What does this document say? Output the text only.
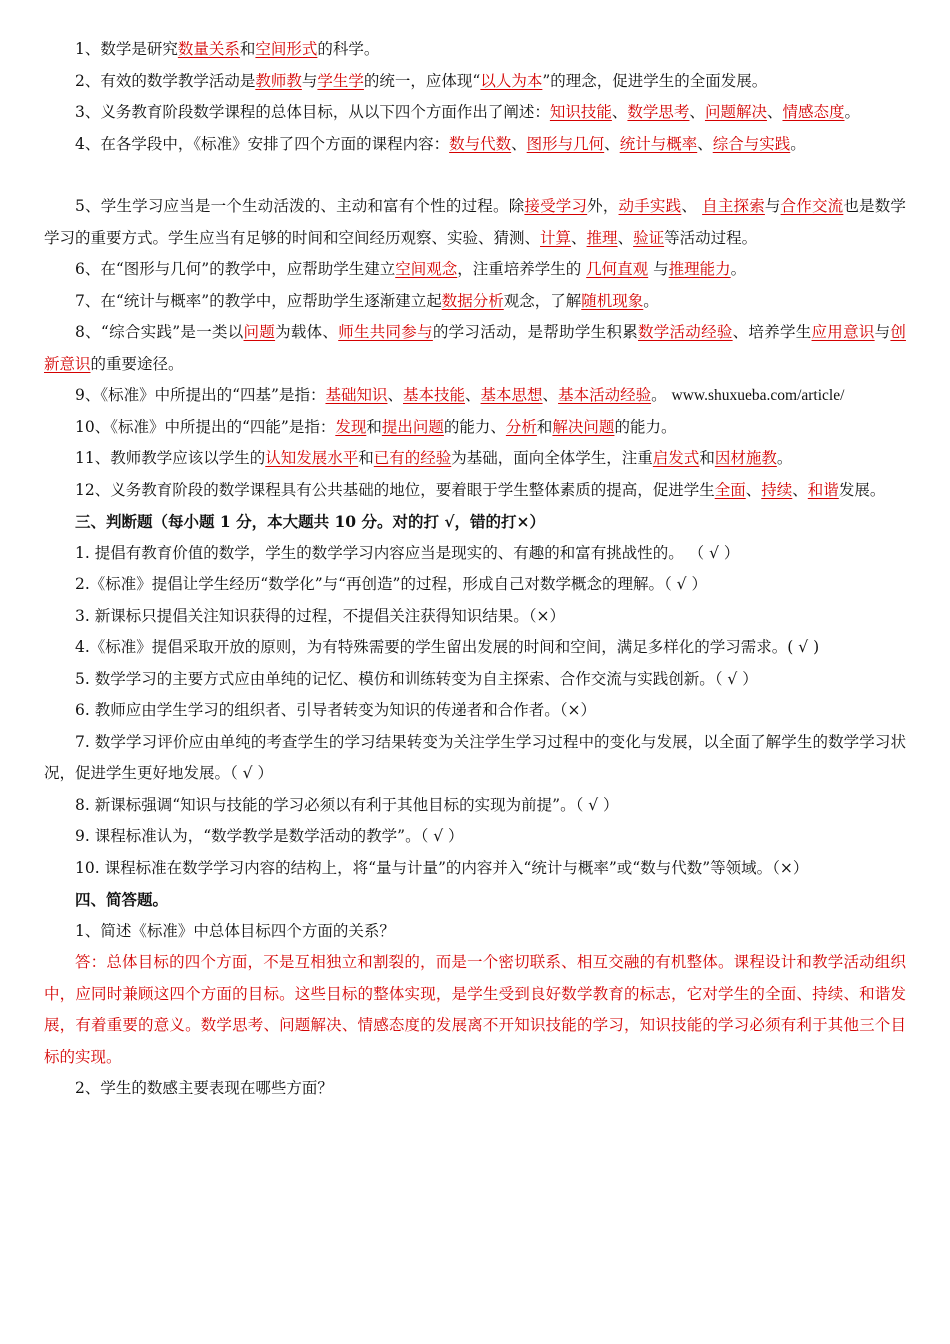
1、数学是研究数量关系和空间形式的科学。

2、有效的数学教学活动是教师教与学生学的统一，应体现“以人为本”的理念，促进学生的全面发展。

3、义务教育阶段数学课程的总体目标，从以下四个方面作出了阐述：知识技能、数学思考、问题解决、情感态度。

4、在各学段中，《标准》安排了四个方面的课程内容：数与代数、图形与几何、统计与概率、综合与实践。

5、学生学习应当是一个生动活泼的、主动和富有个性的过程。除接受学习外，动手实践、 自主探索与合作交流也是数学学习的重要方式。学生应当有足够的时间和空间经历观察、实验、猜测、计算、推理、验证等活动过程。

6、在“图形与几何”的教学中，应帮助学生建立空间观念，注重培养学生的 几何直观 与推理能力。

7、在“统计与概率”的教学中，应帮助学生逐渐建立起数据分析观念，了解随机现象。

8、“综合实践”是一类以问题为载体、师生共同参与的学习活动，是帮助学生积累数学活动经验、培养学生应用意识与创新意识的重要途径。

9、《标准》中所提出的“四基”是指：基础知识、基本技能、基本思想、基本活动经验。 www.shuxueba.com/article/

10、《标准》中所提出的“四能”是指：发现和提出问题的能力、分析和解决问题的能力。

11、教师教学应该以学生的认知发展水平和已有的经验为基础，面向全体学生，注重启发式和因材施教。

12、义务教育阶段的数学课程具有公共基础的地位，要着眼于学生整体素质的提高，促进学生全面、持续、和谐发展。

三、判断题（每小题 1 分，本大题共 10 分。对的打 √，错的打×）

1. 提倡有教育价值的数学，学生的数学学习内容应当是现实的、有趣的和富有挑战性的。 （ √ ）

2.《标准》提倡让学生经历“数学化”与“再创造”的过程，形成自己对数学概念的理解。（ √ ）

3. 新课标只提倡关注知识获得的过程，不提倡关注获得知识结果。（×）

4.《标准》提倡采取开放的原则，为有特殊需要的学生留出发展的时间和空间，满足多样化的学习需求。( √ )

5. 数学学习的主要方式应由单纯的记忆、模仿和训练转变为自主探索、合作交流与实践创新。（ √ ）

6. 教师应由学生学习的组织者、引导者转变为知识的传递者和合作者。（×）

7. 数学学习评价应由单纯的考查学生的学习结果转变为关注学生学习过程中的变化与发展，以全面了解学生的数学学习状况，促进学生更好地发展。（ √ ）

8. 新课标强调“知识与技能的学习必须以有利于其他目标的实现为前提”。（ √ ）

9. 课程标准认为，“数学教学是数学活动的教学”。（ √ ）

10. 课程标准在数学学习内容的结构上，将“量与计量”的内容并入“统计与概率”或“数与代数”等领域。（×）

四、简答题。

1、简述《标准》中总体目标四个方面的关系？

答：总体目标的四个方面，不是互相独立和割裂的，而是一个密切联系、相互交融的有机整体。课程设计和教学活动组织中，应同时兼顾这四个方面的目标。这些目标的整体实现，是学生受到良好数学教育的标志，它对学生的全面、持续、和谐发展，有着重要的意义。数学思考、问题解决、情感态度的发展离不开知识技能的学习，知识技能的学习必须有利于其他三个目标的实现。

2、学生的数感主要表现在哪些方面？
